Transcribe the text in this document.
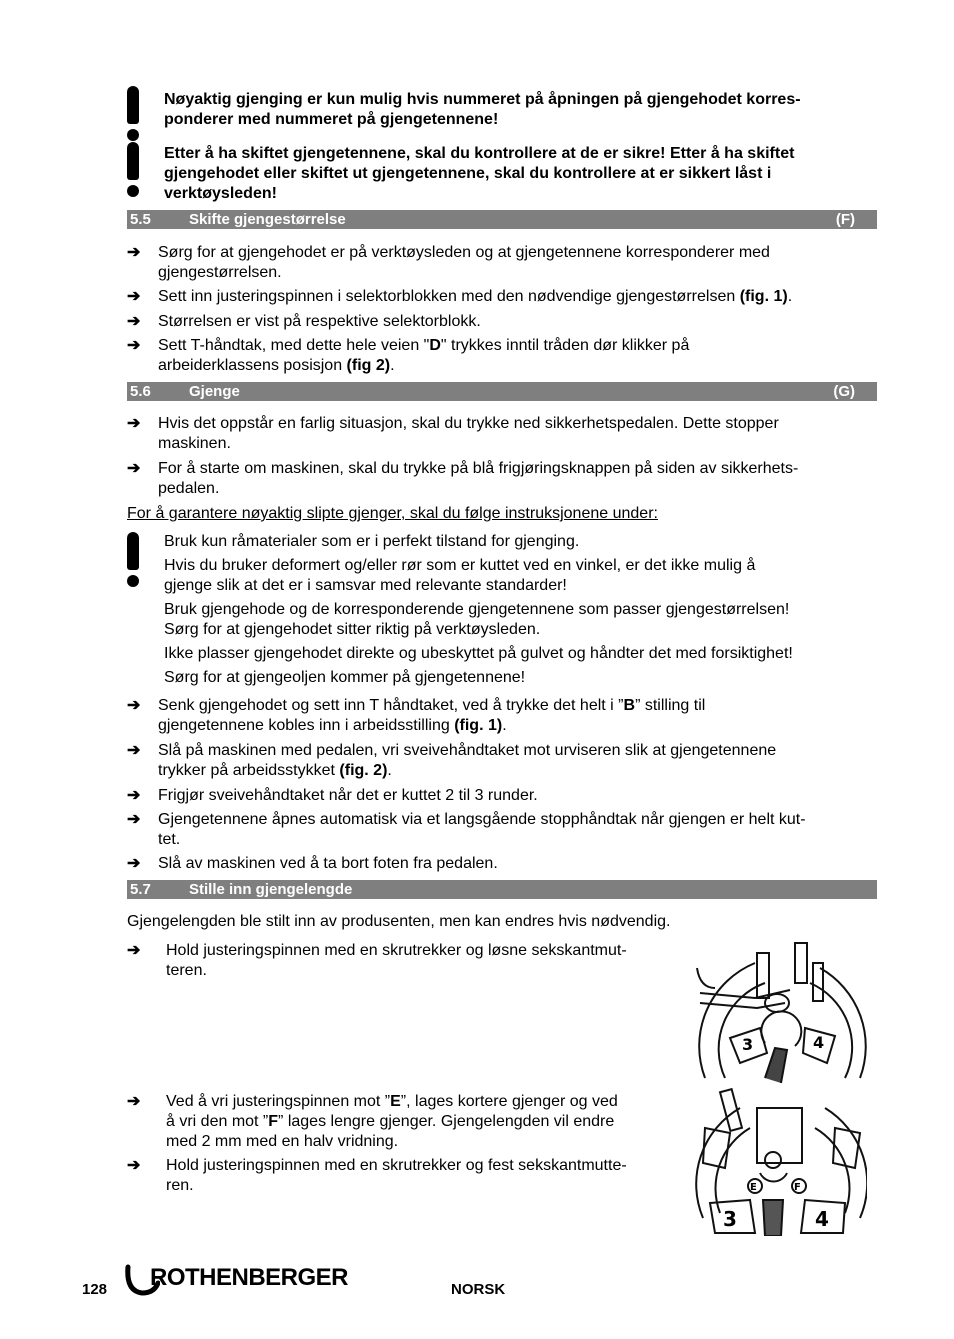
Nøyaktig gjenging er kun mulig hvis nummeret på åpningen på gjengehodet korres-
ponderer med nummeret på gjengetennene!
Etter å ha skiftet gjengetennene, skal du kontrollere at de er sikre! Etter å ha skiftet
gjengehodet eller skiftet ut gjengetennene, skal du kontrollere at er sikkert låst i
verktøysleden!
5.5	Skifte gjengestørrelse	(F)
➔ Sørg for at gjengehodet er på verktøysleden og at gjengetennene korresponderer med
gjengestørrelsen.
➔ Sett inn justeringspinnen i selektorblokken med den nødvendige gjengestørrelsen (fig. 1).
➔ Størrelsen er vist på respektive selektorblokk.
➔ Sett T-håndtak, med dette hele veien "D" trykkes inntil tråden dør klikker på
arbeiderklassens posisjon (fig 2).
5.6	Gjenge	(G)
➔ Hvis det oppstår en farlig situasjon, skal du trykke ned sikkerhetspedalen. Dette stopper
maskinen.
➔ For å starte om maskinen, skal du trykke på blå frigjøringsknappen på siden av sikkerhets-
pedalen.
For å garantere nøyaktig slipte gjenger, skal du følge instruksjonene under:
Bruk kun råmaterialer som er i perfekt tilstand for gjenging.
Hvis du bruker deformert og/eller rør som er kuttet ved en vinkel, er det ikke mulig å
gjenge slik at det er i samsvar med relevante standarder!
Bruk gjengehode og de korresponderende gjengetennene som passer gjengestørrelsen!
Sørg for at gjengehodet sitter riktig på verktøysleden.
Ikke plasser gjengehodet direkte og ubeskyttet på gulvet og håndter det med forsiktighet!
Sørg for at gjengeoljen kommer på gjengetennene!
➔ Senk gjengehodet og sett inn T håndtaket, ved å trykke det helt i ”B” stilling til
gjengetennene kobles inn i arbeidsstilling (fig. 1).
➔ Slå på maskinen med pedalen, vri sveivehåndtaket mot urviseren slik at gjengetennene
trykker på arbeidsstykket (fig. 2).
➔ Frigjør sveivehåndtaket når det er kuttet 2 til 3 runder.
➔ Gjengetennene åpnes automatisk via et langsgående stopphåndtak når gjengen er helt kut-
tet.
➔ Slå av maskinen ved å ta bort foten fra pedalen.
5.7	Stille inn gjengelengde
Gjengelengden ble stilt inn av produsenten, men kan endres hvis nødvendig.
➔ Hold justeringspinnen med en skrutrekker og løsne sekskantmut-
teren.
➔ Ved å vri justeringspinnen mot ”E”, lages kortere gjenger og ved
å vri den mot ”F” lages lengre gjenger. Gjengelengden vil endre
med 2 mm med en halv vridning.
➔ Hold justeringspinnen med en skrutrekker og fest sekskantmutte-
ren.
3	4
E	F
3	4
128 ROTHENBERGER	NORSK
